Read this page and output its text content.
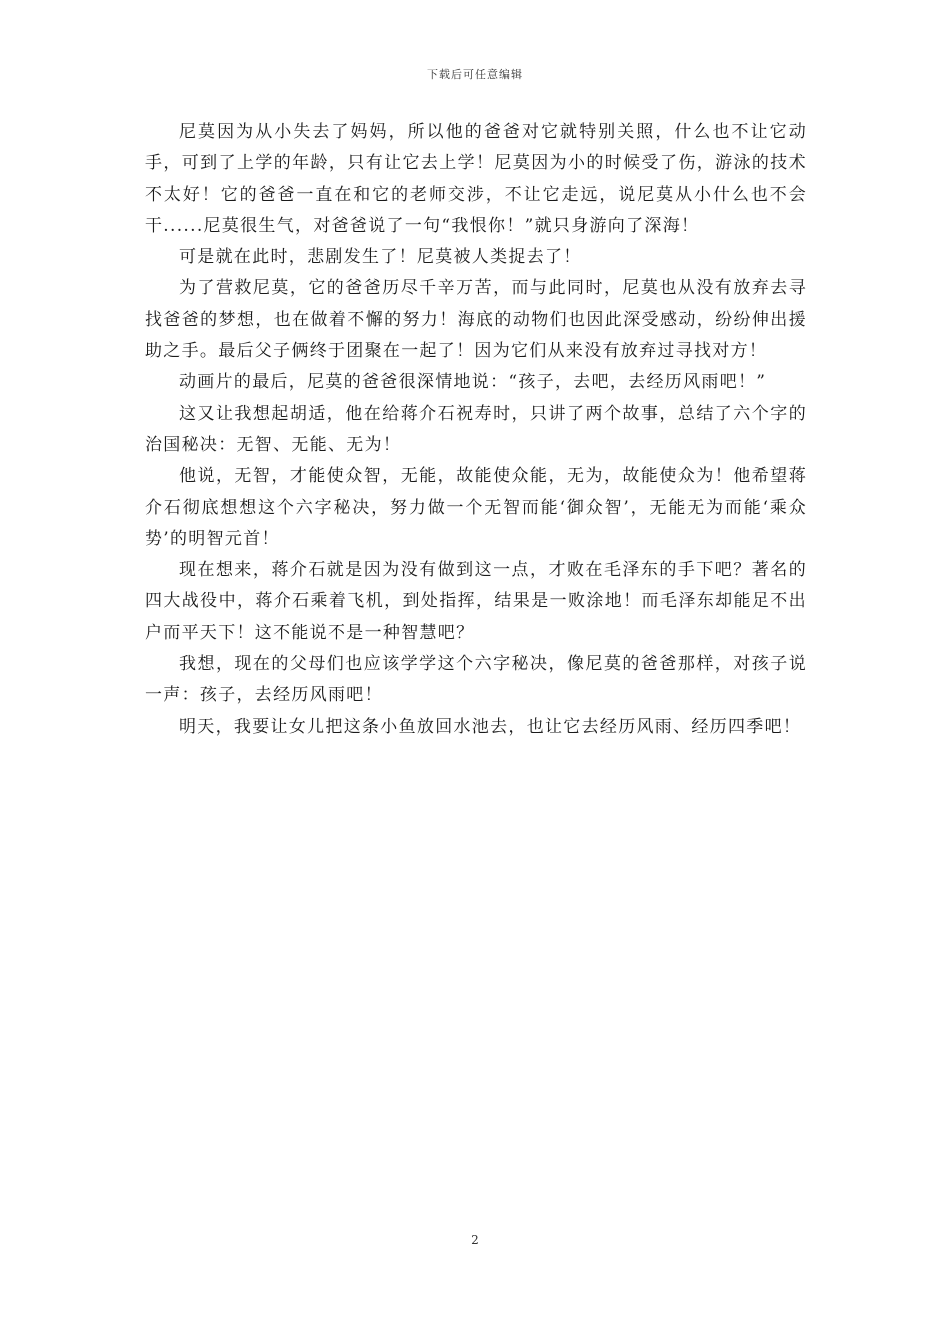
下载后可任意编辑

尼莫因为从小失去了妈妈，所以他的爸爸对它就特别关照，什么也不让它动手，可到了上学的年龄，只有让它去上学！尼莫因为小的时候受了伤，游泳的技术不太好！它的爸爸一直在和它的老师交涉，不让它走远，说尼莫从小什么也不会干......尼莫很生气，对爸爸说了一句“我恨你！”就只身游向了深海！

可是就在此时，悲剧发生了！尼莫被人类捉去了！

为了营救尼莫，它的爸爸历尽千辛万苦，而与此同时，尼莫也从没有放弃去寻找爸爸的梦想，也在做着不懈的努力！海底的动物们也因此深受感动，纷纷伸出援助之手。最后父子俩终于团聚在一起了！因为它们从来没有放弃过寻找对方！

动画片的最后，尼莫的爸爸很深情地说：“孩子，去吧，去经历风雨吧！”

这又让我想起胡适，他在给蒋介石祝寿时，只讲了两个故事，总结了六个字的治国秘决：无智、无能、无为！

他说，无智，才能使众智，无能，故能使众能，无为，故能使众为！他希望蒋介石彻底想想这个六字秘决，努力做一个无智而能‘御众智’，无能无为而能‘乘众势’的明智元首！

现在想来，蒋介石就是因为没有做到这一点，才败在毛泽东的手下吧？著名的四大战役中，蒋介石乘着飞机，到处指挥，结果是一败涂地！而毛泽东却能足不出户而平天下！这不能说不是一种智慧吧？

我想，现在的父母们也应该学学这个六字秘决，像尼莫的爸爸那样，对孩子说一声：孩子，去经历风雨吧！

明天，我要让女儿把这条小鱼放回水池去，也让它去经历风雨、经历四季吧！

2
